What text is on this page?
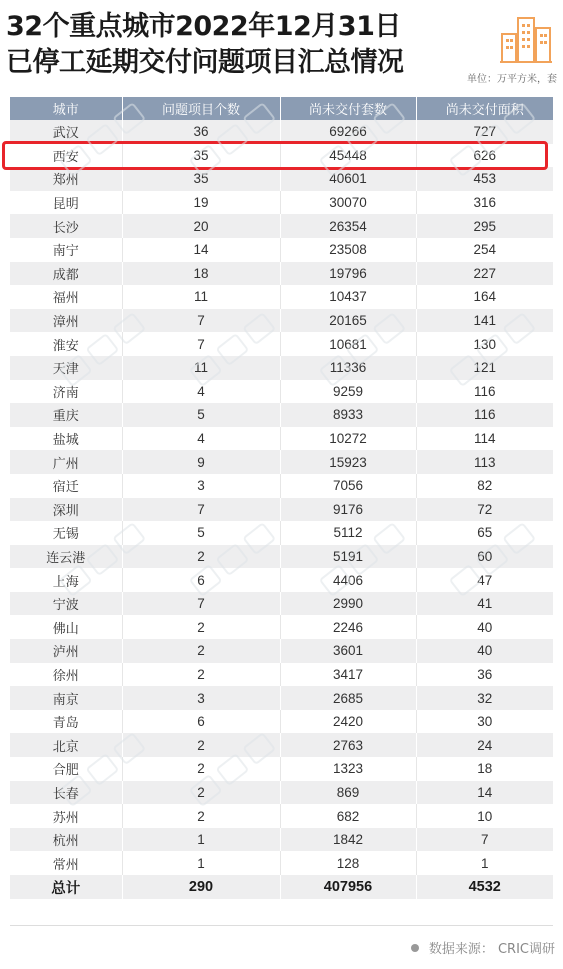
32个重点城市2022年12月31日
已停工延期交付问题项目汇总情况
单位：万平方米，套
城市	问题项目个数	尚未交付套数	尚未交付面积
武汉	36	69266	727
西安	35	45448	626
郑州	35	40601	453
昆明	19	30070	316
长沙	20	26354	295
南宁	14	23508	254
成都	18	19796	227
福州	11	10437	164
漳州	7	20165	141
淮安	7	10681	130
天津	11	11336	121
济南	4	9259	116
重庆	5	8933	116
盐城	4	10272	114
广州	9	15923	113
宿迁	3	7056	82
深圳	7	9176	72
无锡	5	5112	65
连云港	2	5191	60
上海	6	4406	47
宁波	7	2990	41
佛山	2	2246	40
泸州	2	3601	40
徐州	2	3417	36
南京	3	2685	32
青岛	6	2420	30
北京	2	2763	24
合肥	2	1323	18
长春	2	869	14
苏州	2	682	10
杭州	1	1842	7
常州	1	128	1
总计	290	407956	4532
数据来源： CRIC调研
